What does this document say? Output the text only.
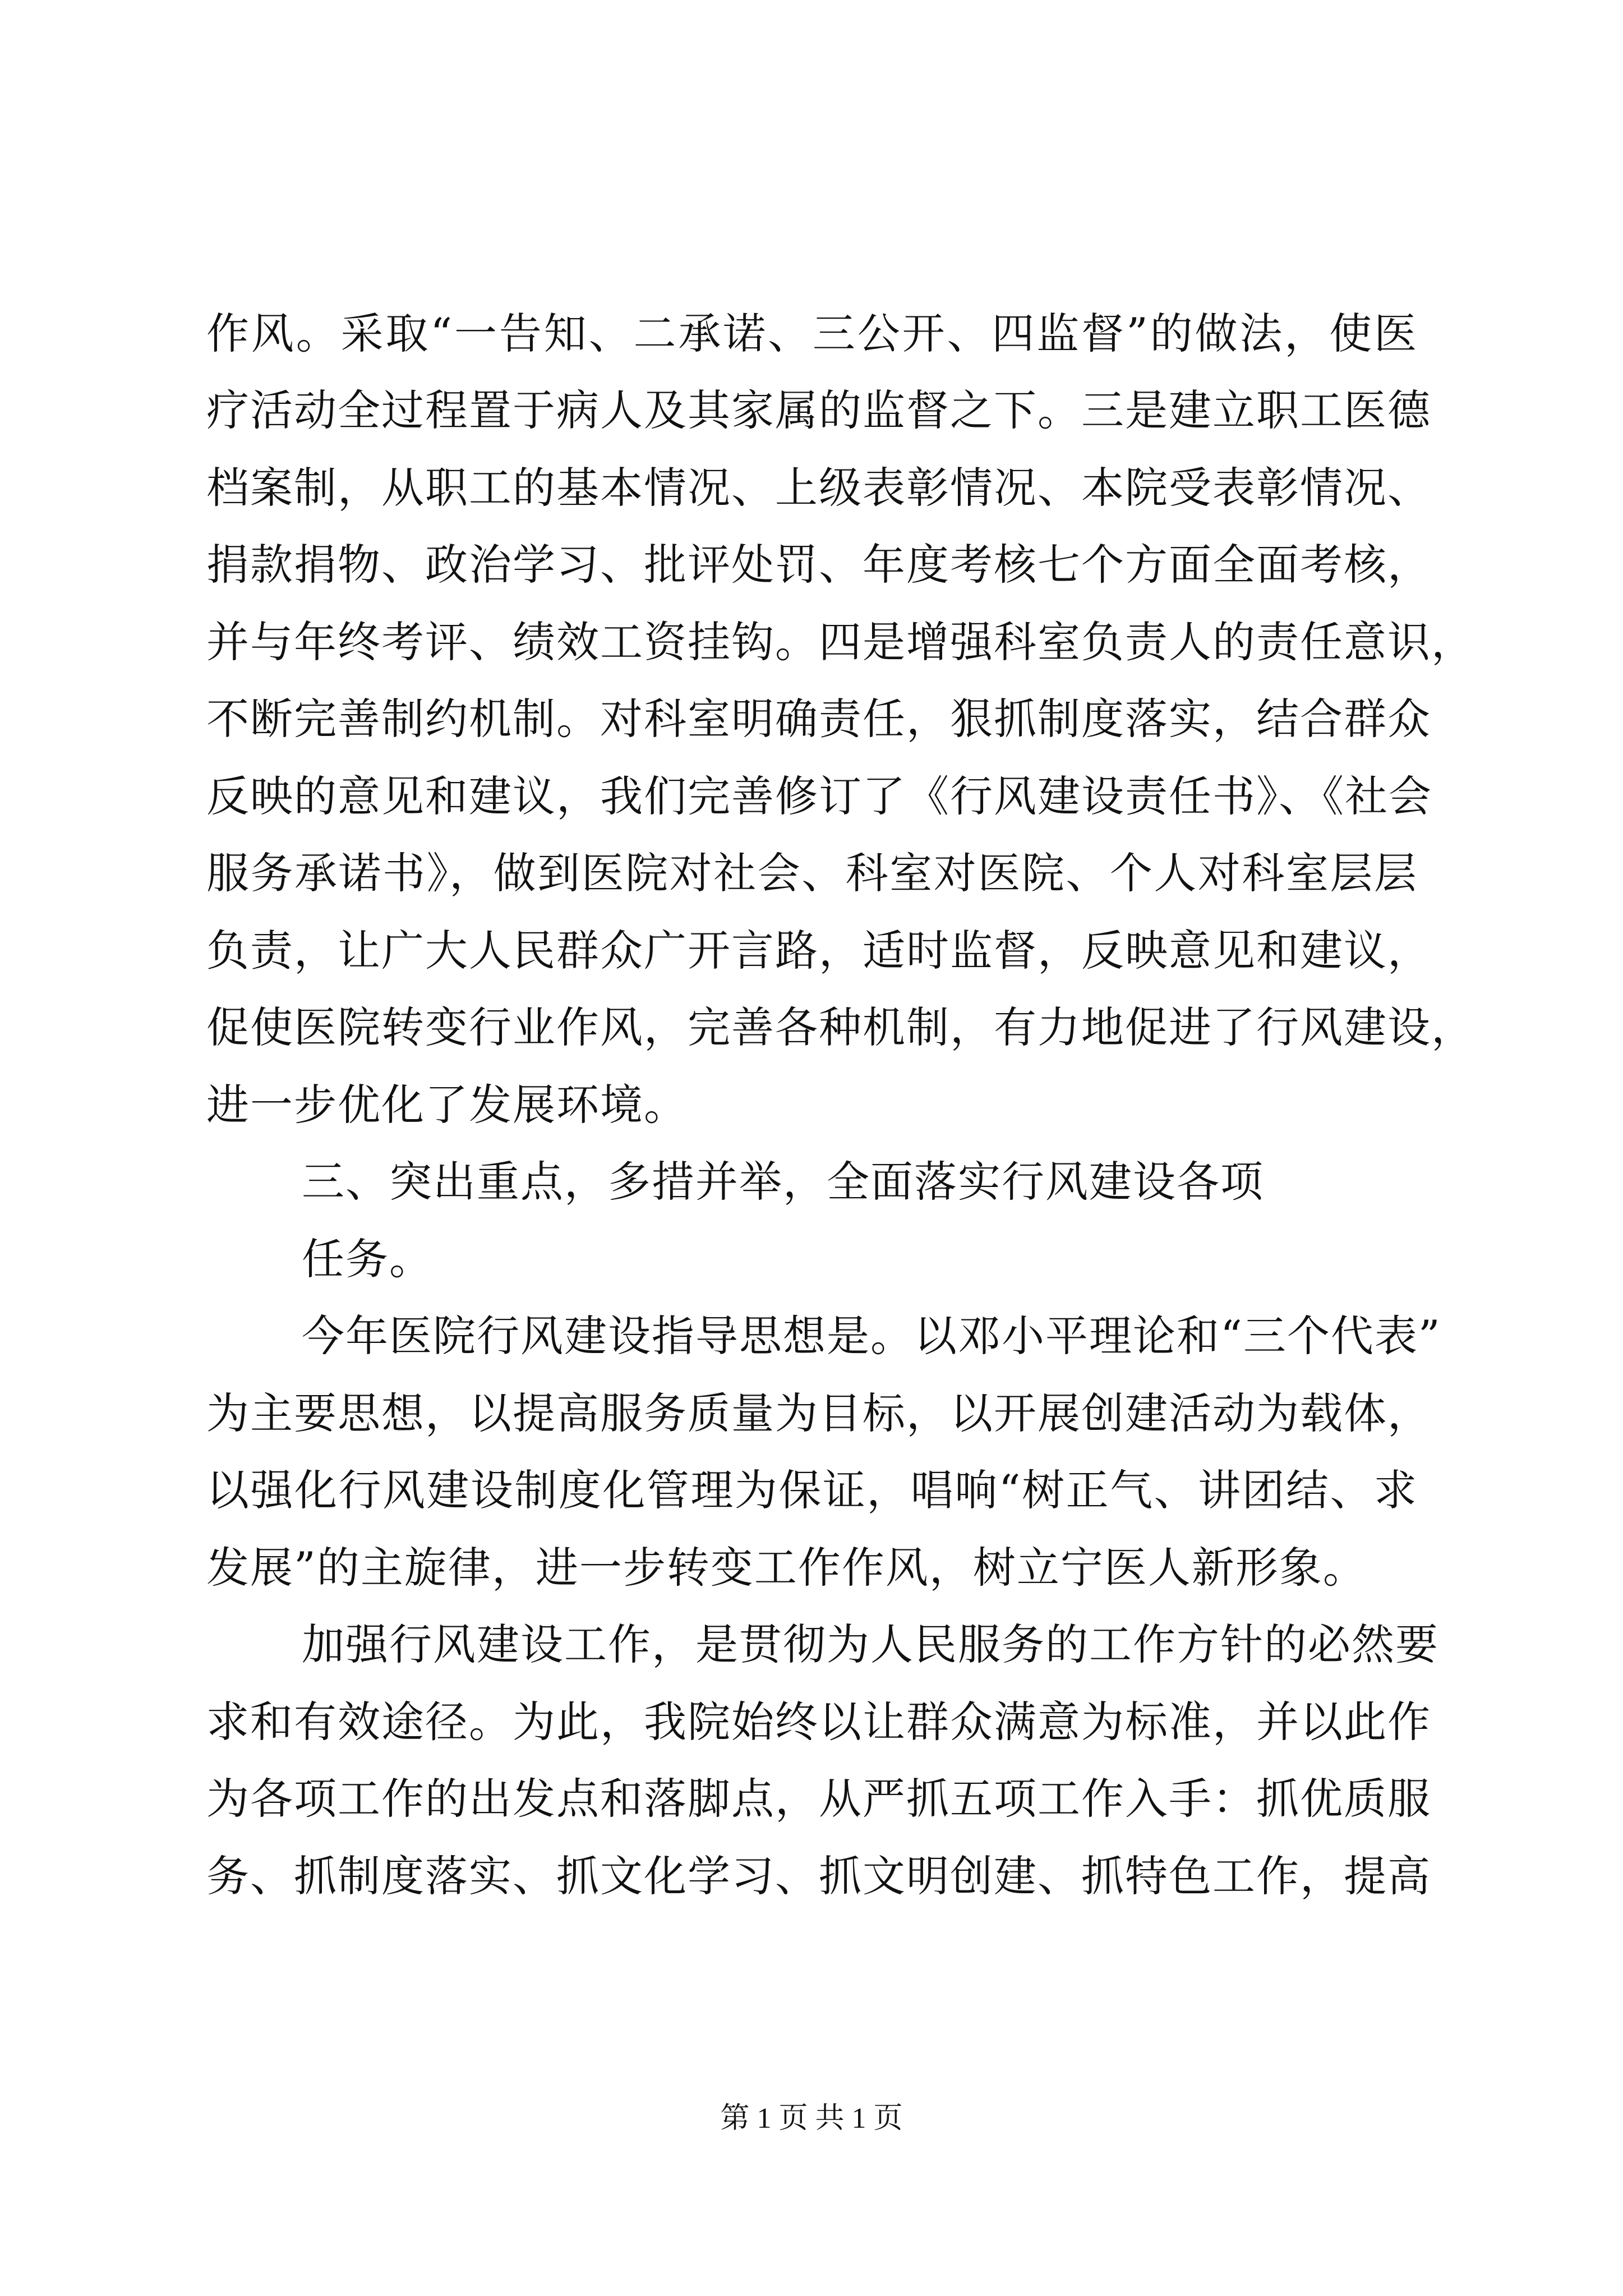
作风。采取“一告知、二承诺、三公开、四监督”的做法，使医
疗活动全过程置于病人及其家属的监督之下。三是建立职工医德
档案制，从职工的基本情况、上级表彰情况、本院受表彰情况、
捐款捐物、政治学习、批评处罚、年度考核七个方面全面考核，
并与年终考评、绩效工资挂钩。四是增强科室负责人的责任意识，
不断完善制约机制。对科室明确责任，狠抓制度落实，结合群众
反映的意见和建议，我们完善修订了《行风建设责任书》、《社会
服务承诺书》，做到医院对社会、科室对医院、个人对科室层层
负责，让广大人民群众广开言路，适时监督，反映意见和建议，
促使医院转变行业作风，完善各种机制，有力地促进了行风建设，
进一步优化了发展环境。
三、突出重点，多措并举，全面落实行风建设各项
任务。
今年医院行风建设指导思想是。以邓小平理论和“三个代表”
为主要思想，以提高服务质量为目标，以开展创建活动为载体，
以强化行风建设制度化管理为保证，唱响“树正气、讲团结、求
发展”的主旋律，进一步转变工作作风，树立宁医人新形象。
加强行风建设工作，是贯彻为人民服务的工作方针的必然要
求和有效途径。为此，我院始终以让群众满意为标准，并以此作
为各项工作的出发点和落脚点，从严抓五项工作入手：抓优质服
务、抓制度落实、抓文化学习、抓文明创建、抓特色工作，提高
第 1 页 共 1 页
